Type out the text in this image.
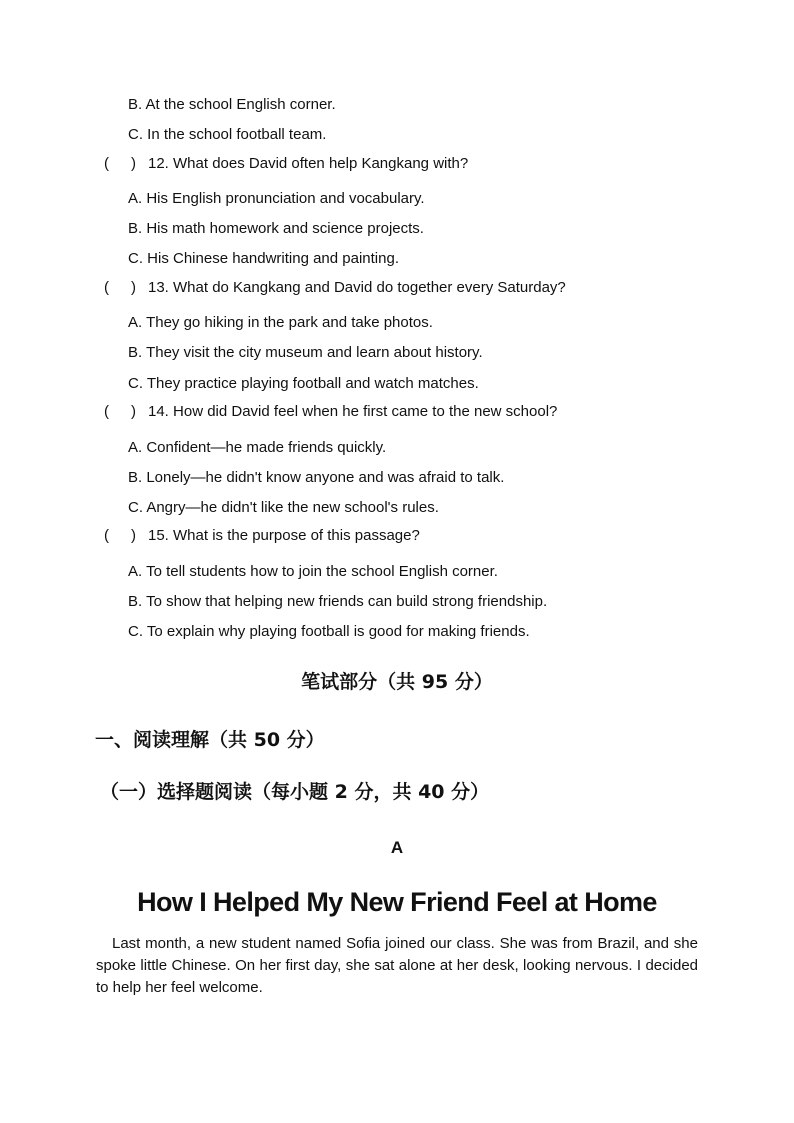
B. At the school English corner.
C. In the school football team.
( ) 12. What does David often help Kangkang with?
A. His English pronunciation and vocabulary.
B. His math homework and science projects.
C. His Chinese handwriting and painting.
( ) 13. What do Kangkang and David do together every Saturday?
A. They go hiking in the park and take photos.
B. They visit the city museum and learn about history.
C. They practice playing football and watch matches.
( ) 14. How did David feel when he first came to the new school?
A. Confident—he made friends quickly.
B. Lonely—he didn't know anyone and was afraid to talk.
C. Angry—he didn't like the new school's rules.
( ) 15. What is the purpose of this passage?
A. To tell students how to join the school English corner.
B. To show that helping new friends can build strong friendship.
C. To explain why playing football is good for making friends.
笔试部分（共 95 分）
一、阅读理解（共 50 分）
（一）选择题阅读（每小题 2 分，共 40 分）
A
How I Helped My New Friend Feel at Home
Last month, a new student named Sofia joined our class. She was from Brazil, and she spoke little Chinese. On her first day, she sat alone at her desk, looking nervous. I decided to help her feel welcome.
